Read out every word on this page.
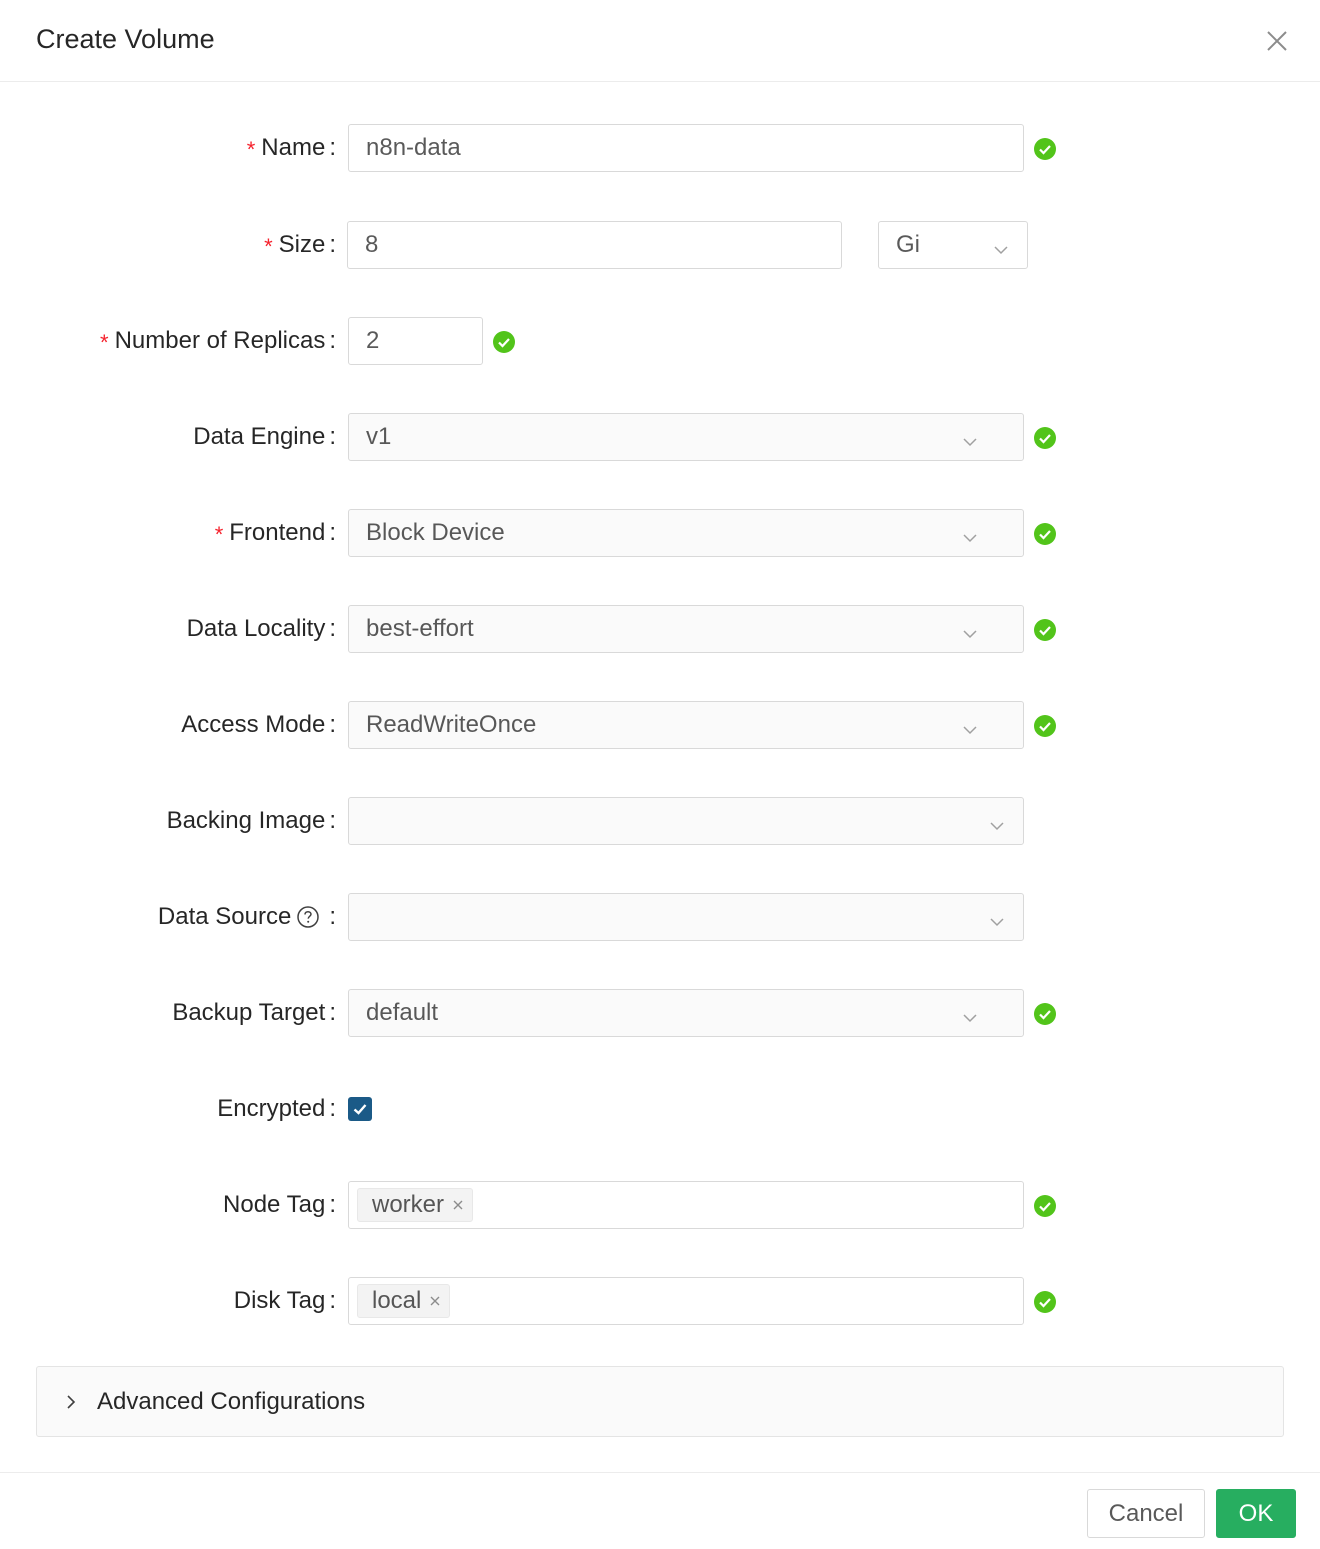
Create Volume
* Name : n8n-data
* Size : 8	Gi
* Number of Replicas : 2
Data Engine : v1
* Frontend : Block Device
Data Locality : best-effort
Access Mode : ReadWriteOnce
Backing Image :
Data Source :
Backup Target : default
Encrypted :
Node Tag : worker
Disk Tag : local
Advanced Configurations
Cancel	OK
